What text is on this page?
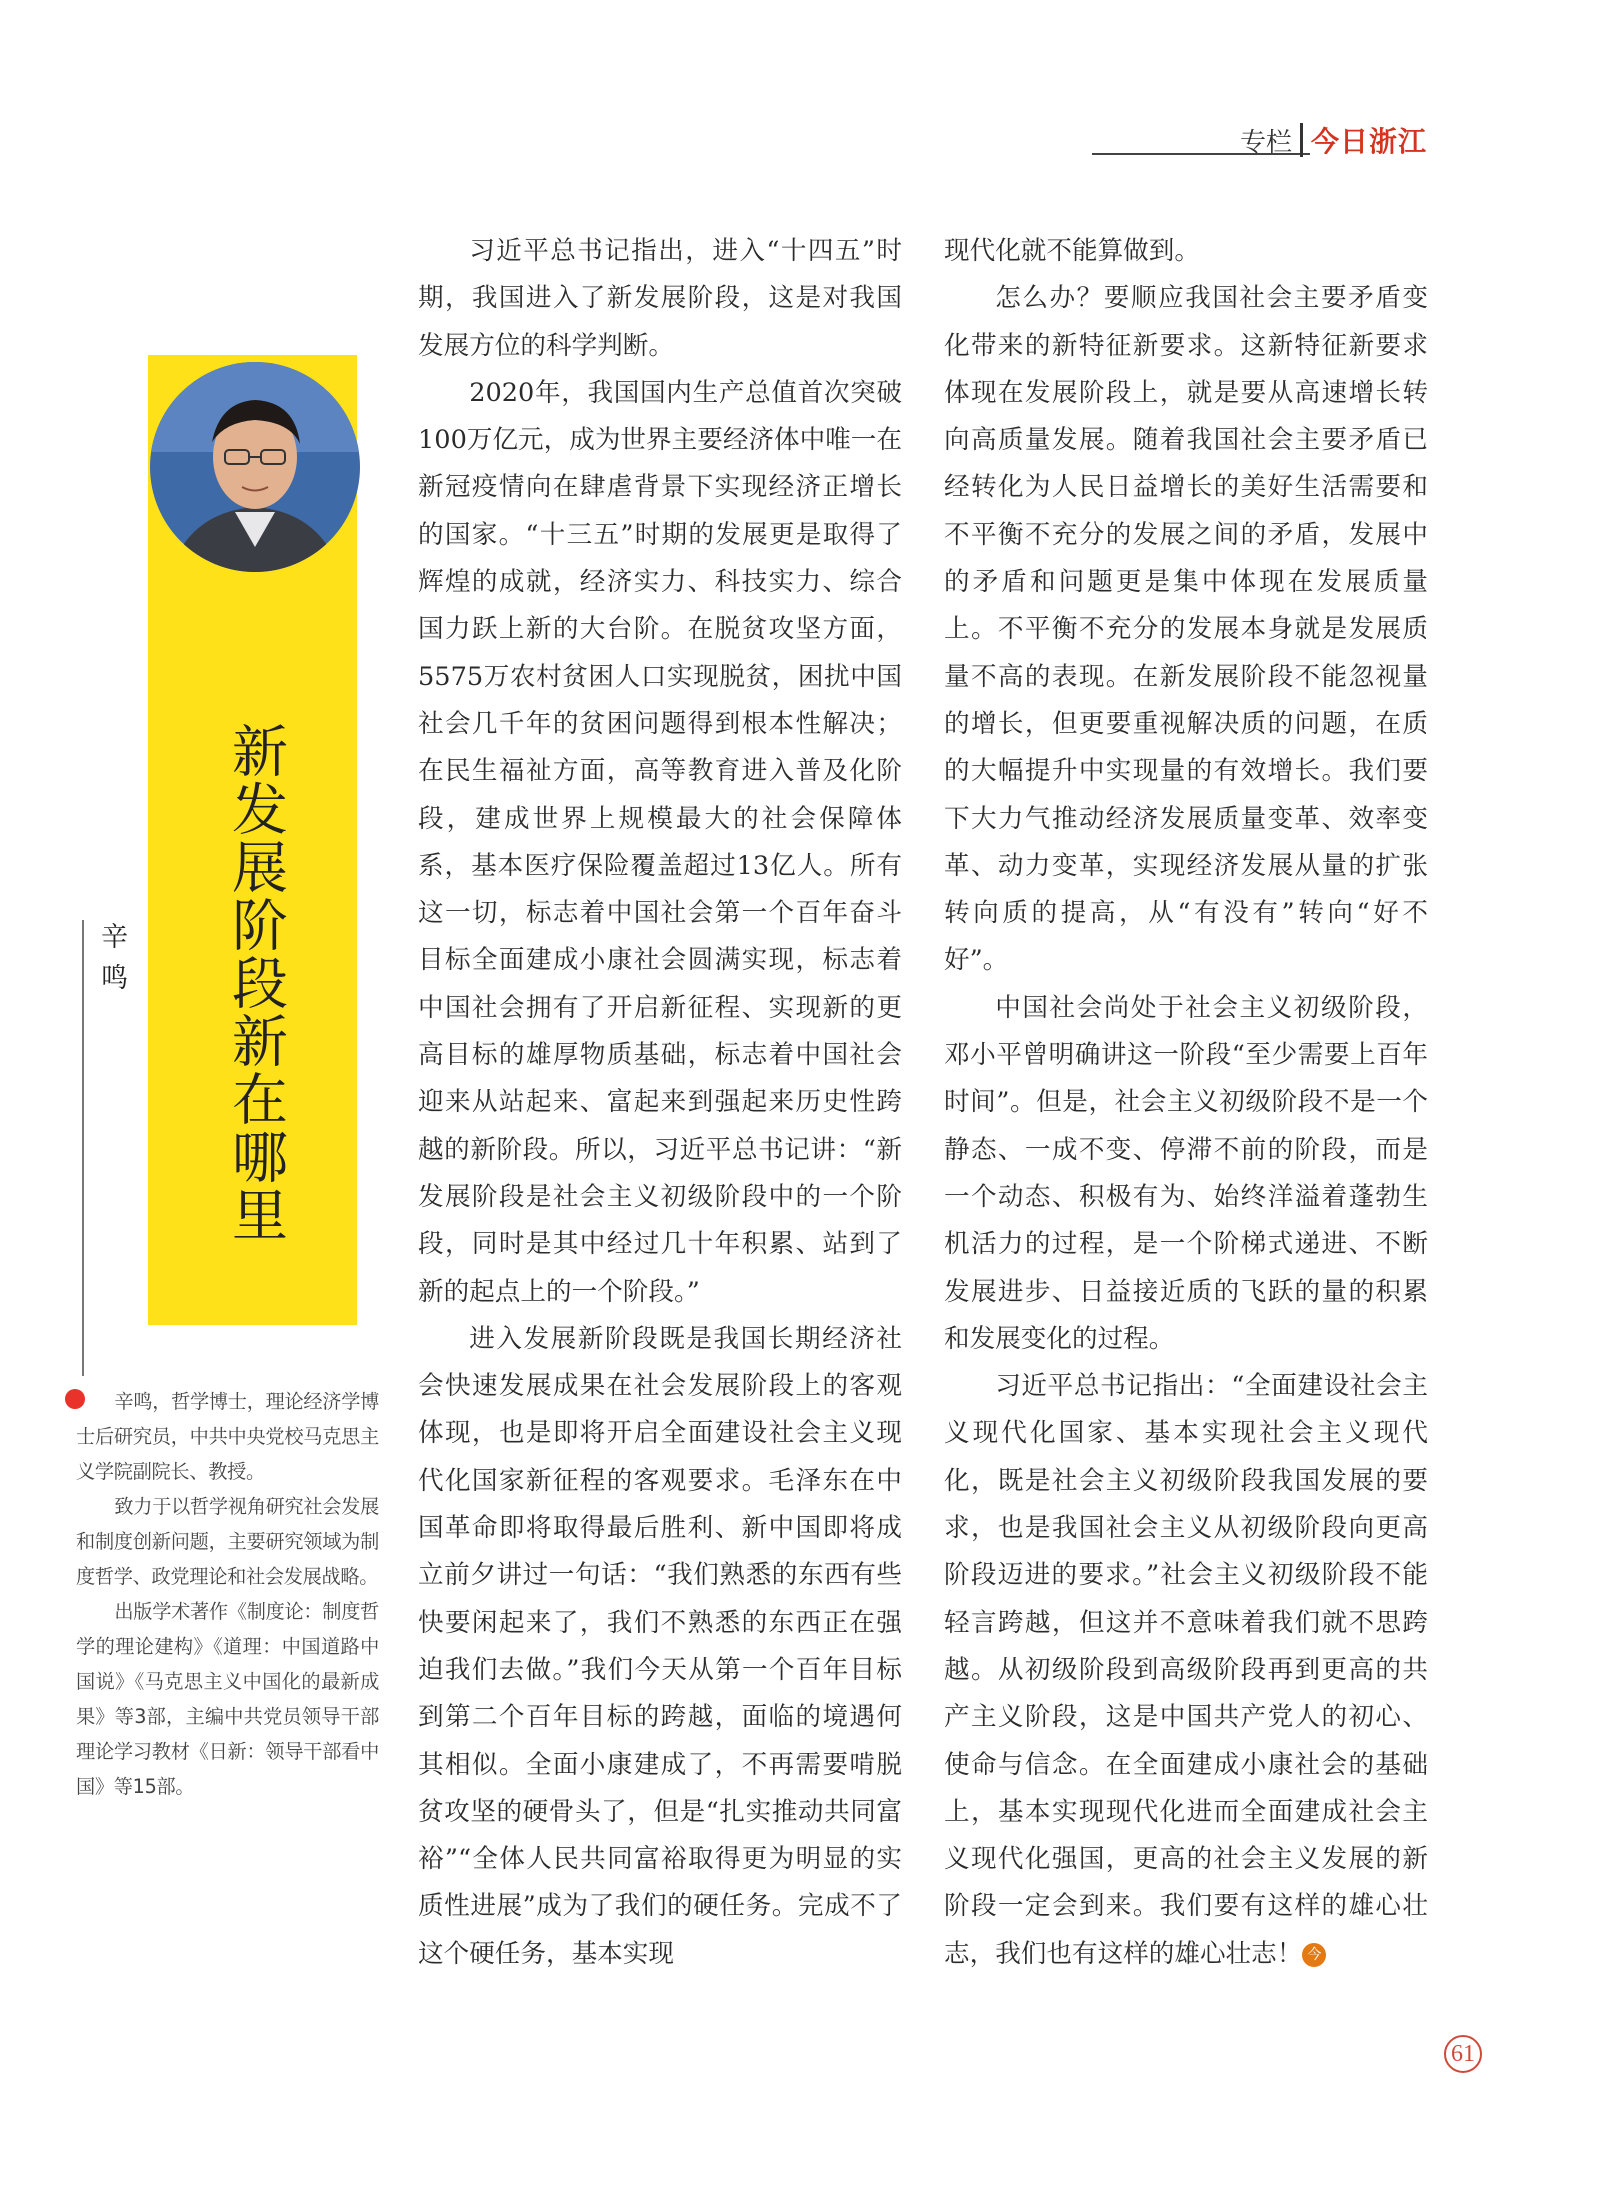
专栏 今日浙江
新发展阶段新在哪里
辛鸣

辛鸣，哲学博士，理论经济学博士后研究员，中共中央党校马克思主义学院副院长、教授。

致力于以哲学视角研究社会发展和制度创新问题，主要研究领域为制度哲学、政党理论和社会发展战略。

出版学术著作《制度论：制度哲学的理论建构》《道理：中国道路中国说》《马克思主义中国化的最新成果》等3部，主编中共党员领导干部理论学习教材《日新：领导干部看中国》等15部。

习近平总书记指出，进入“十四五”时期，我国进入了新发展阶段，这是对我国发展方位的科学判断。

2020年，我国国内生产总值首次突破100万亿元，成为世界主要经济体中唯一在新冠疫情向在肆虐背景下实现经济正增长的国家。“十三五”时期的发展更是取得了辉煌的成就，经济实力、科技实力、综合国力跃上新的大台阶。在脱贫攻坚方面，5575万农村贫困人口实现脱贫，困扰中国社会几千年的贫困问题得到根本性解决；在民生福祉方面，高等教育进入普及化阶段，建成世界上规模最大的社会保障体系，基本医疗保险覆盖超过13亿人。所有这一切，标志着中国社会第一个百年奋斗目标全面建成小康社会圆满实现，标志着中国社会拥有了开启新征程、实现新的更高目标的雄厚物质基础，标志着中国社会迎来从站起来、富起来到强起来历史性跨越的新阶段。所以，习近平总书记讲：“新发展阶段是社会主义初级阶段中的一个阶段，同时是其中经过几十年积累、站到了新的起点上的一个阶段。”

进入发展新阶段既是我国长期经济社会快速发展成果在社会发展阶段上的客观体现，也是即将开启全面建设社会主义现代化国家新征程的客观要求。毛泽东在中国革命即将取得最后胜利、新中国即将成立前夕讲过一句话：“我们熟悉的东西有些快要闲起来了，我们不熟悉的东西正在强迫我们去做。”我们今天从第一个百年目标到第二个百年目标的跨越，面临的境遇何其相似。全面小康建成了，不再需要啃脱贫攻坚的硬骨头了，但是“扎实推动共同富裕”“全体人民共同富裕取得更为明显的实质性进展”成为了我们的硬任务。完成不了这个硬任务，基本实现

现代化就不能算做到。

怎么办？要顺应我国社会主要矛盾变化带来的新特征新要求。这新特征新要求体现在发展阶段上，就是要从高速增长转向高质量发展。随着我国社会主要矛盾已经转化为人民日益增长的美好生活需要和不平衡不充分的发展之间的矛盾，发展中的矛盾和问题更是集中体现在发展质量上。不平衡不充分的发展本身就是发展质量不高的表现。在新发展阶段不能忽视量的增长，但更要重视解决质的问题，在质的大幅提升中实现量的有效增长。我们要下大力气推动经济发展质量变革、效率变革、动力变革，实现经济发展从量的扩张转向质的提高，从“有没有”转向“好不好”。

中国社会尚处于社会主义初级阶段，邓小平曾明确讲这一阶段“至少需要上百年时间”。但是，社会主义初级阶段不是一个静态、一成不变、停滞不前的阶段，而是一个动态、积极有为、始终洋溢着蓬勃生机活力的过程，是一个阶梯式递进、不断发展进步、日益接近质的飞跃的量的积累和发展变化的过程。

习近平总书记指出：“全面建设社会主义现代化国家、基本实现社会主义现代化，既是社会主义初级阶段我国发展的要求，也是我国社会主义从初级阶段向更高阶段迈进的要求。”社会主义初级阶段不能轻言跨越，但这并不意味着我们就不思跨越。从初级阶段到高级阶段再到更高的共产主义阶段，这是中国共产党人的初心、使命与信念。在全面建成小康社会的基础上，基本实现现代化进而全面建成社会主义现代化强国，更高的社会主义发展的新阶段一定会到来。我们要有这样的雄心壮志，我们也有这样的雄心壮志！ 今

61
